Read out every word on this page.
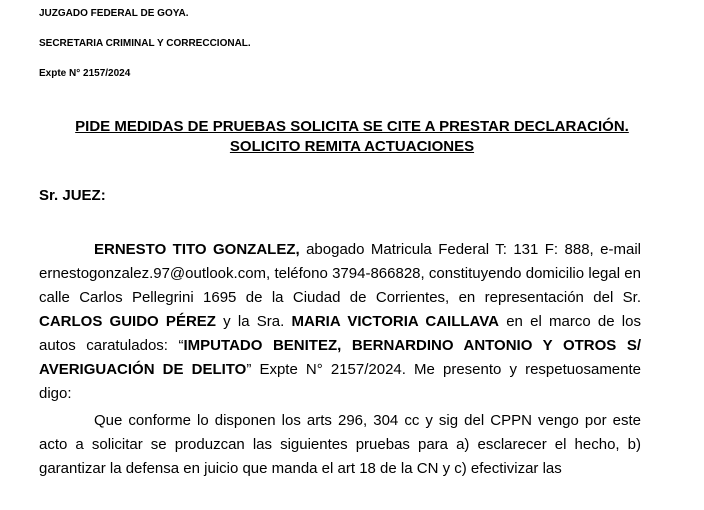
JUZGADO FEDERAL DE GOYA.
SECRETARIA CRIMINAL Y CORRECCIONAL.
Expte N° 2157/2024
PIDE MEDIDAS DE PRUEBAS SOLICITA SE CITE A PRESTAR DECLARACIÓN.
SOLICITO REMITA ACTUACIONES
Sr. JUEZ:

ERNESTO TITO GONZALEZ, abogado Matricula Federal T: 131 F: 888, e-mail ernestogonzalez.97@outlook.com, teléfono 3794-866828, constituyendo domicilio legal en calle Carlos Pellegrini 1695 de la Ciudad de Corrientes, en representación del Sr. CARLOS GUIDO PÉREZ y la Sra. MARIA VICTORIA CAILLAVA en el marco de los autos caratulados: “IMPUTADO BENITEZ, BERNARDINO ANTONIO Y OTROS S/ AVERIGUACIÓN DE DELITO” Expte N° 2157/2024. Me presento y respetuosamente digo:

Que conforme lo disponen los arts 296, 304 cc y sig del CPPN vengo por este acto a solicitar se produzcan las siguientes pruebas para a) esclarecer el hecho, b) garantizar la defensa en juicio que manda el art 18 de la CN y c) efectivizar las
